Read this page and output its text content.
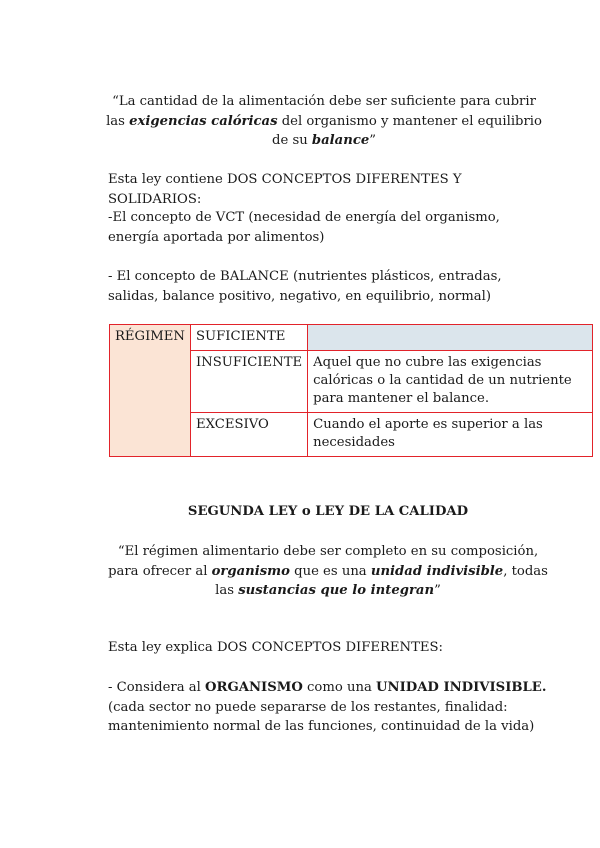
“La cantidad de la alimentación debe ser suficiente para cubrir las exigencias calóricas del organismo y mantener el equilibrio de su balance”

Esta ley contiene DOS CONCEPTOS DIFERENTES Y SOLIDARIOS:

-El concepto de VCT (necesidad de energía del organismo, energía aportada por alimentos)

- El concepto de BALANCE (nutrientes plásticos, entradas, salidas, balance positivo, negativo, en equilibrio, normal)

RÉGIMEN	SUFICIENTE	
	INSUFICIENTE	Aquel que no cubre las exigencias calóricas o la cantidad de un nutriente para mantener el balance.
	EXCESIVO	Cuando el aporte es superior a las necesidades

SEGUNDA LEY o LEY DE LA CALIDAD

“El régimen alimentario debe ser completo en su composición, para ofrecer al organismo que es una unidad indivisible, todas las sustancias que lo integran”

Esta ley explica DOS CONCEPTOS DIFERENTES:

- Considera al ORGANISMO como una UNIDAD INDIVISIBLE. (cada sector no puede separarse de los restantes, finalidad: mantenimiento normal de las funciones, continuidad de la vida)
